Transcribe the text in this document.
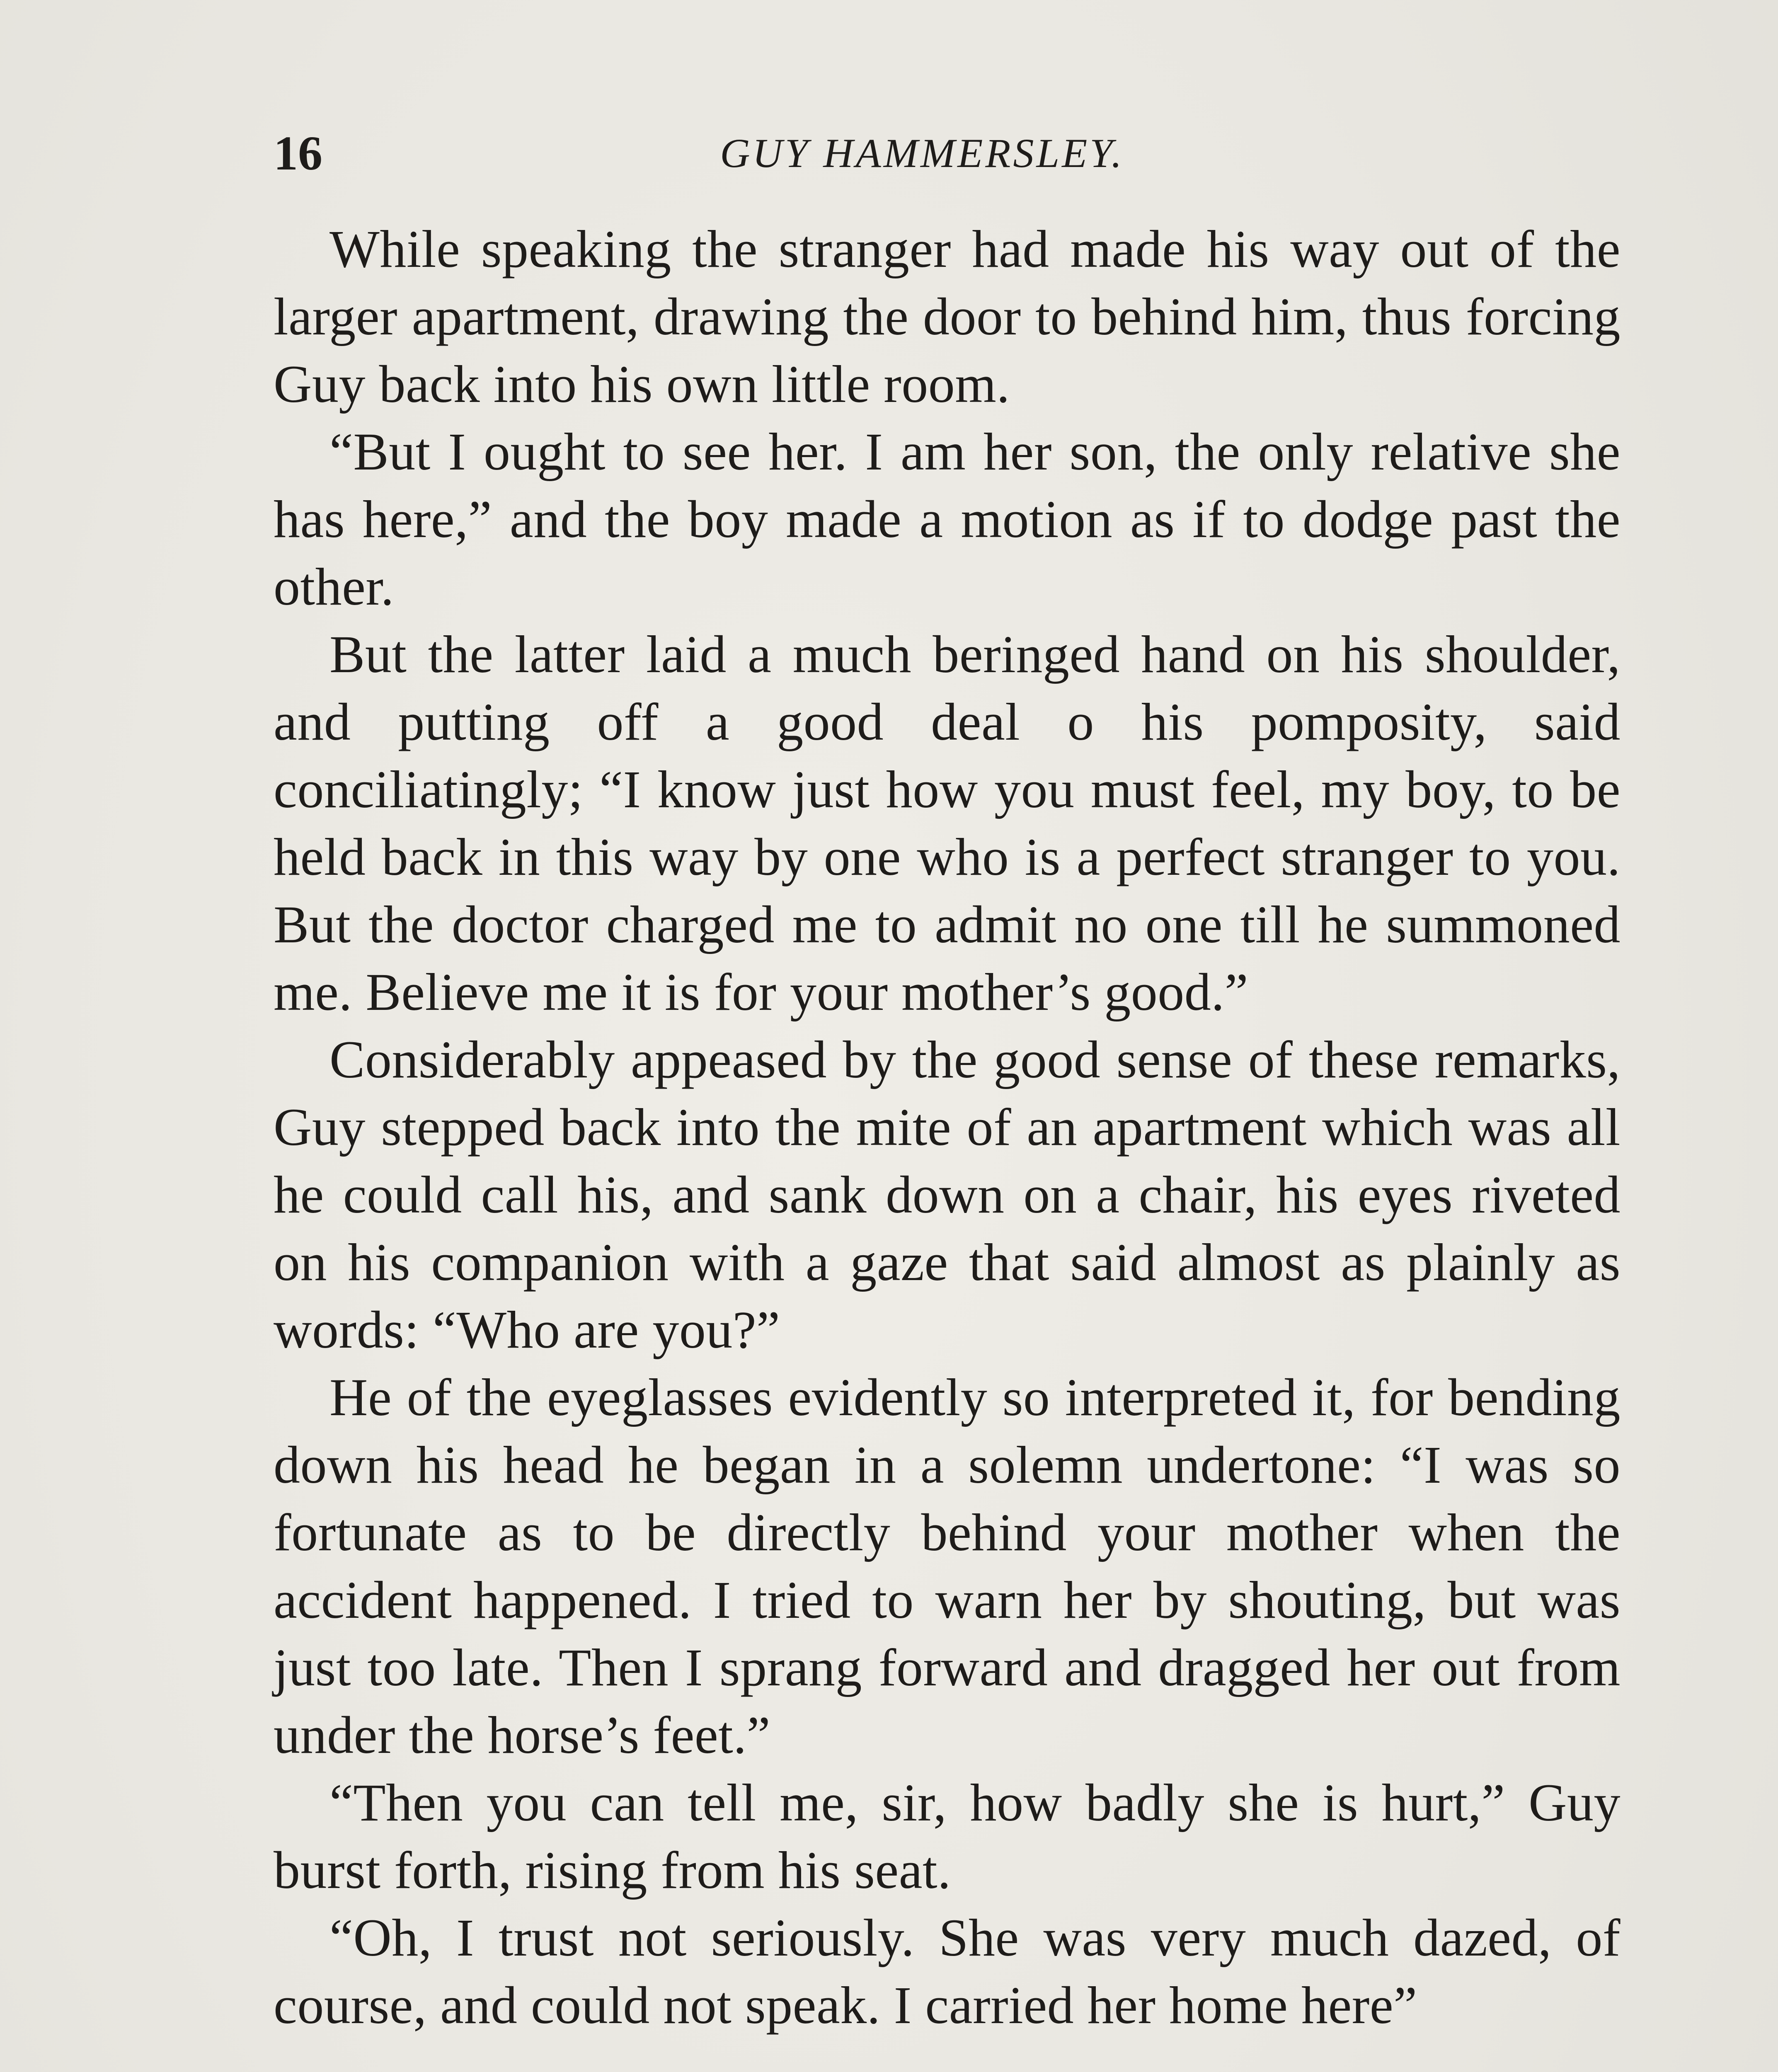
16	GUY HAMMERSLEY.

While speaking the stranger had made his way out of the larger apartment, drawing the door to behind him, thus forcing Guy back into his own little room.

“But I ought to see her. I am her son, the only relative she has here,” and the boy made a motion as if to dodge past the other.

But the latter laid a much beringed hand on his shoulder, and putting off a good deal o his pomposity, said conciliatingly; “I know just how you must feel, my boy, to be held back in this way by one who is a perfect stranger to you. But the doctor charged me to admit no one till he summoned me. Believe me it is for your mother’s good.”

Considerably appeased by the good sense of these remarks, Guy stepped back into the mite of an apartment which was all he could call his, and sank down on a chair, his eyes riveted on his companion with a gaze that said almost as plainly as words: “Who are you?”

He of the eyeglasses evidently so interpreted it, for bending down his head he began in a solemn undertone: “I was so fortunate as to be directly behind your mother when the accident happened. I tried to warn her by shouting, but was just too late. Then I sprang forward and dragged her out from under the horse’s feet.”

“Then you can tell me, sir, how badly she is hurt,” Guy burst forth, rising from his seat.

“Oh, I trust not seriously. She was very much dazed, of course, and could not speak. I carried her home here”
